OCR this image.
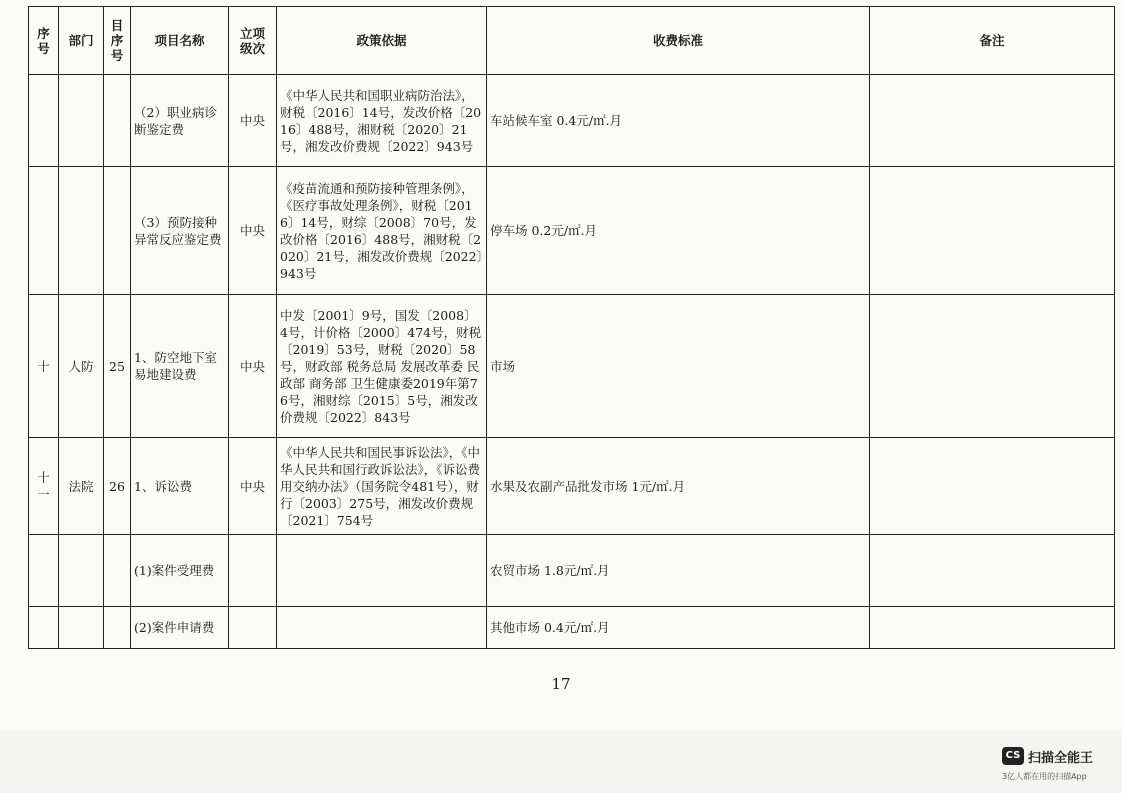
序号	部门	目序号	项目名称	立项级次	政策依据	收费标准	备注
			（2）职业病诊断鉴定费	中央	《中华人民共和国职业病防治法》，财税〔2016〕14号，发改价格〔2016〕488号，湘财税〔2020〕21号，湘发改价费规〔2022〕943号	车站候车室 0.4元/㎡.月	
			（3）预防接种异常反应鉴定费	中央	《疫苗流通和预防接种管理条例》，《医疗事故处理条例》，财税〔2016〕14号，财综〔2008〕70号，发改价格〔2016〕488号，湘财税〔2020〕21号，湘发改价费规〔2022〕943号	停车场 0.2元/㎡.月	
十	人防	25	1、防空地下室易地建设费	中央	中发〔2001〕9号，国发〔2008〕4号，计价格〔2000〕474号，财税〔2019〕53号，财税〔2020〕58号，财政部 税务总局 发展改革委 民政部 商务部 卫生健康委2019年第76号，湘财综〔2015〕5号，湘发改价费规〔2022〕843号	市场	
十一	法院	26	1、诉讼费	中央	《中华人民共和国民事诉讼法》，《中华人民共和国行政诉讼法》，《诉讼费用交纳办法》（国务院令481号），财行〔2003〕275号，湘发改价费规〔2021〕754号	水果及农副产品批发市场 1元/㎡.月	
			(1)案件受理费			农贸市场 1.8元/㎡.月	
			(2)案件申请费			其他市场 0.4元/㎡.月	
17
CS 扫描全能王
3亿人都在用的扫描App
